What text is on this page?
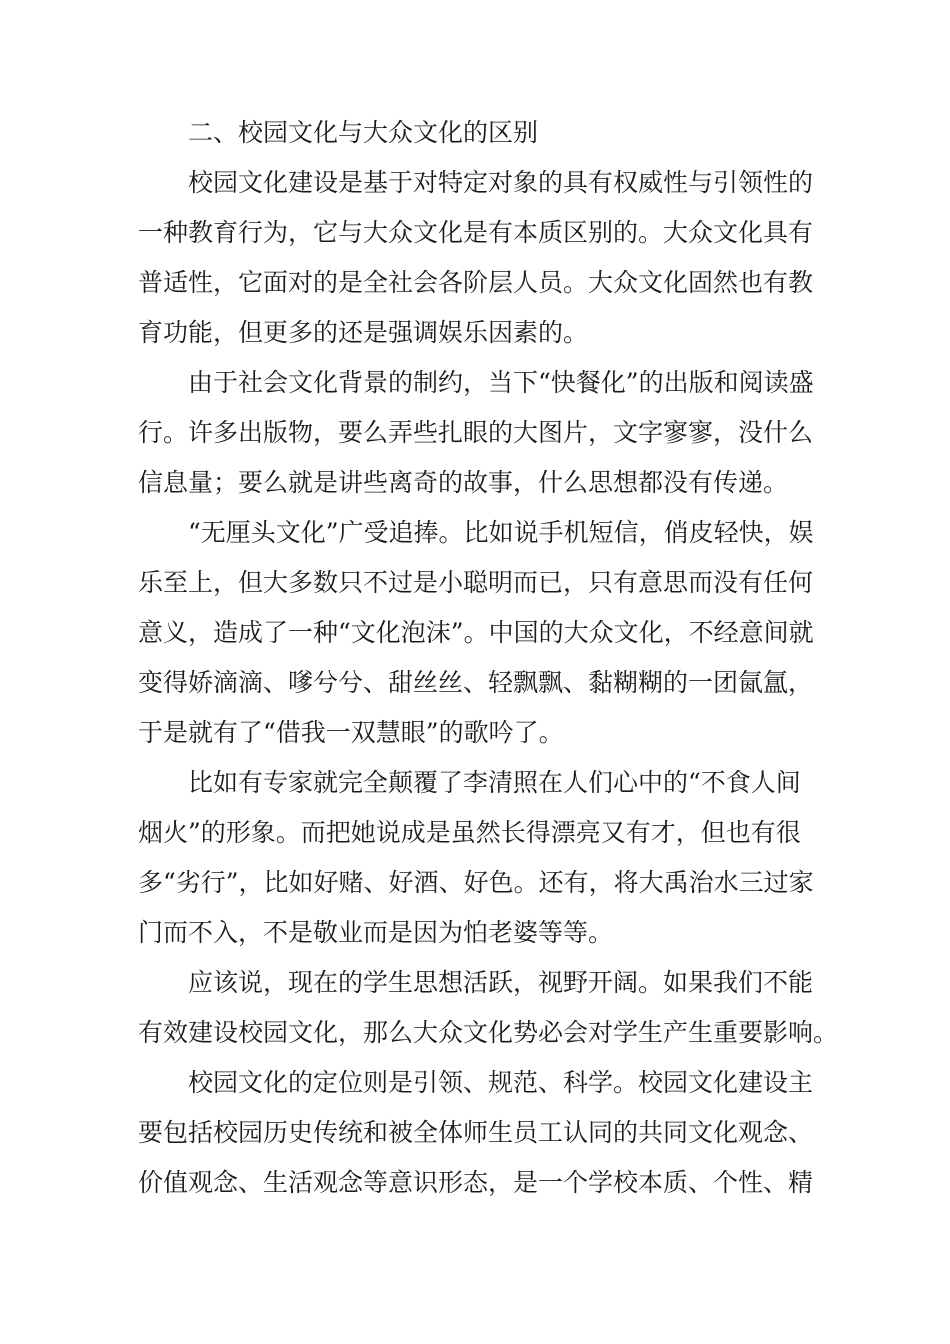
二、校园文化与大众文化的区别
校园文化建设是基于对特定对象的具有权威性与引领性的
一种教育行为，它与大众文化是有本质区别的。大众文化具有
普适性，它面对的是全社会各阶层人员。大众文化固然也有教
育功能，但更多的还是强调娱乐因素的。
由于社会文化背景的制约，当下“快餐化”的出版和阅读盛
行。许多出版物，要么弄些扎眼的大图片，文字寥寥，没什么
信息量；要么就是讲些离奇的故事，什么思想都没有传递。
“无厘头文化”广受追捧。比如说手机短信，俏皮轻快，娱
乐至上，但大多数只不过是小聪明而已，只有意思而没有任何
意义，造成了一种“文化泡沫”。中国的大众文化，不经意间就
变得娇滴滴、嗲兮兮、甜丝丝、轻飘飘、黏糊糊的一团氤氲，
于是就有了“借我一双慧眼”的歌吟了。
比如有专家就完全颠覆了李清照在人们心中的“不食人间
烟火”的形象。而把她说成是虽然长得漂亮又有才，但也有很
多“劣行”，比如好赌、好酒、好色。还有，将大禹治水三过家
门而不入，不是敬业而是因为怕老婆等等。
应该说，现在的学生思想活跃，视野开阔。如果我们不能
有效建设校园文化，那么大众文化势必会对学生产生重要影响。
校园文化的定位则是引领、规范、科学。校园文化建设主
要包括校园历史传统和被全体师生员工认同的共同文化观念、
价值观念、生活观念等意识形态，是一个学校本质、个性、精
